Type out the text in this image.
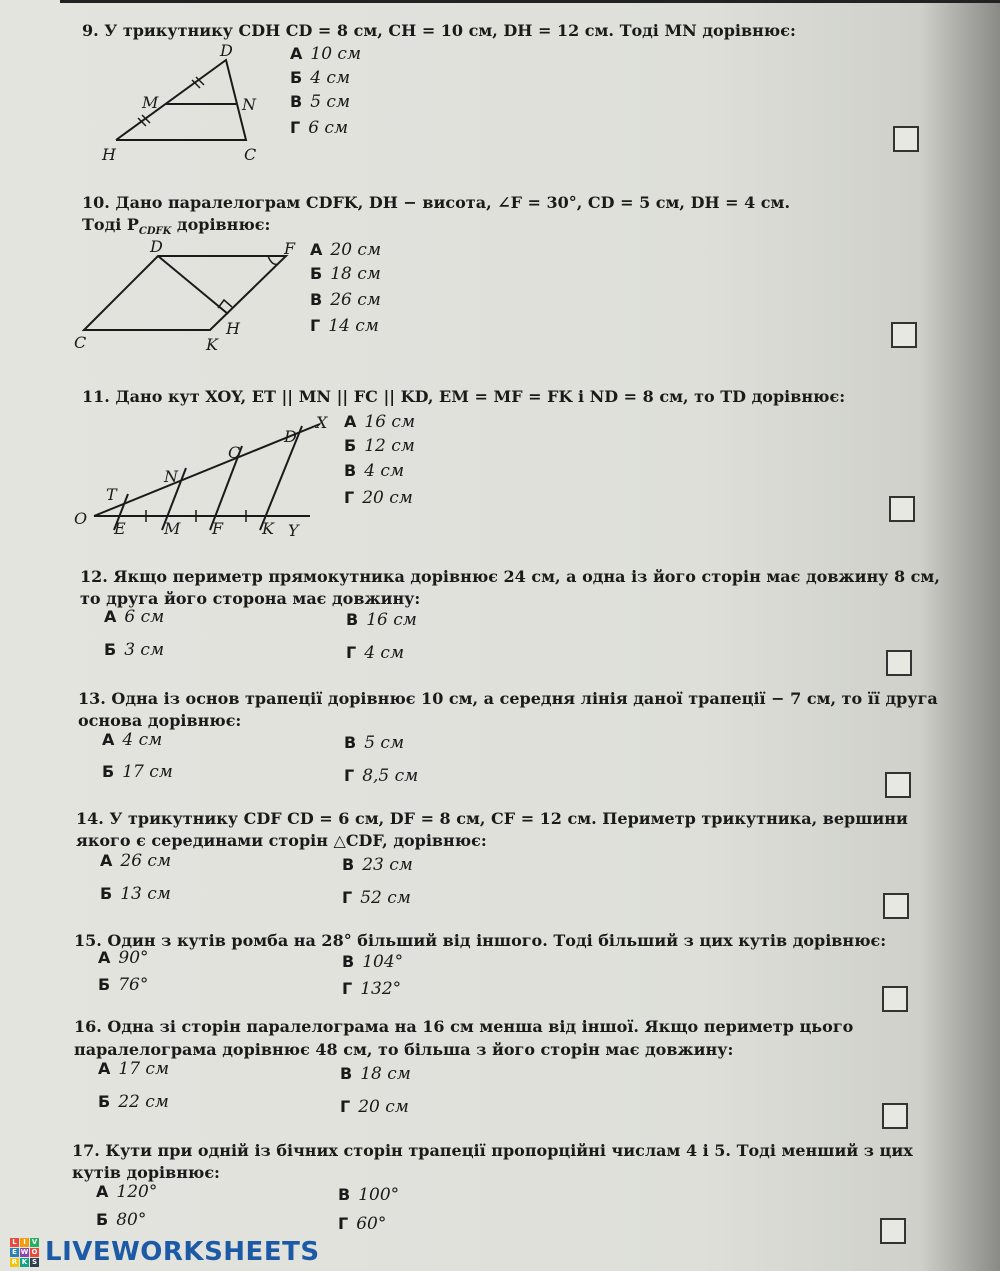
9. У трикутнику CDH CD = 8 см, CH = 10 см, DH = 12 см. Тоді MN дорівнює:
D
M	N
H	C
А 10 см
Б 4 см
В 5 см
Г 6 см
10. Дано паралелограм CDFK, DH − висота, ∠F = 30°, CD = 5 см, DH = 4 см.
Тоді $P_{CDFK}$ дорівнює:
D	F
H
C	K
А 20 см
Б 18 см
В 26 см
Г 14 см
11. Дано кут XOY, ET || MN || FC || KD, EM = MF = FK і ND = 8 см, то TD дорівнює:
X
D
C
N
T
O
E M F K Y
А 16 см
Б 12 см
В 4 см
Г 20 см
12. Якщо периметр прямокутника дорівнює 24 см, а одна із його сторін має довжину 8 см,
то друга його сторона має довжину:
А 6 см	В 16 см
Б 3 см	Г 4 см
13. Одна із основ трапеції дорівнює 10 см, а середня лінія даної трапеції − 7 см, то її друга
основа дорівнює:
А 4 см	В 5 см
Б 17 см	Г 8,5 см
14. У трикутнику CDF CD = 6 см, DF = 8 см, CF = 12 см. Периметр трикутника, вершини
якого є серединами сторін △CDF, дорівнює:
А 26 см	В 23 см
Б 13 см	Г 52 см
15. Один з кутів ромба на 28° більший від іншого. Тоді більший з цих кутів дорівнює:
А 90°	В 104°
Б 76°	Г 132°
16. Одна зі сторін паралелограма на 16 см менша від іншої. Якщо периметр цього
паралелограма дорівнює 48 см, то більша з його сторін має довжину:
А 17 см	В 18 см
Б 22 см	Г 20 см
17. Кути при одній із бічних сторін трапеції пропорційні числам 4 і 5. Тоді менший з цих
кутів дорівнює:
А 120°	В 100°
Б 80°	Г 60°
L I V
E W O
R K S LIVEWORKSHEETS
